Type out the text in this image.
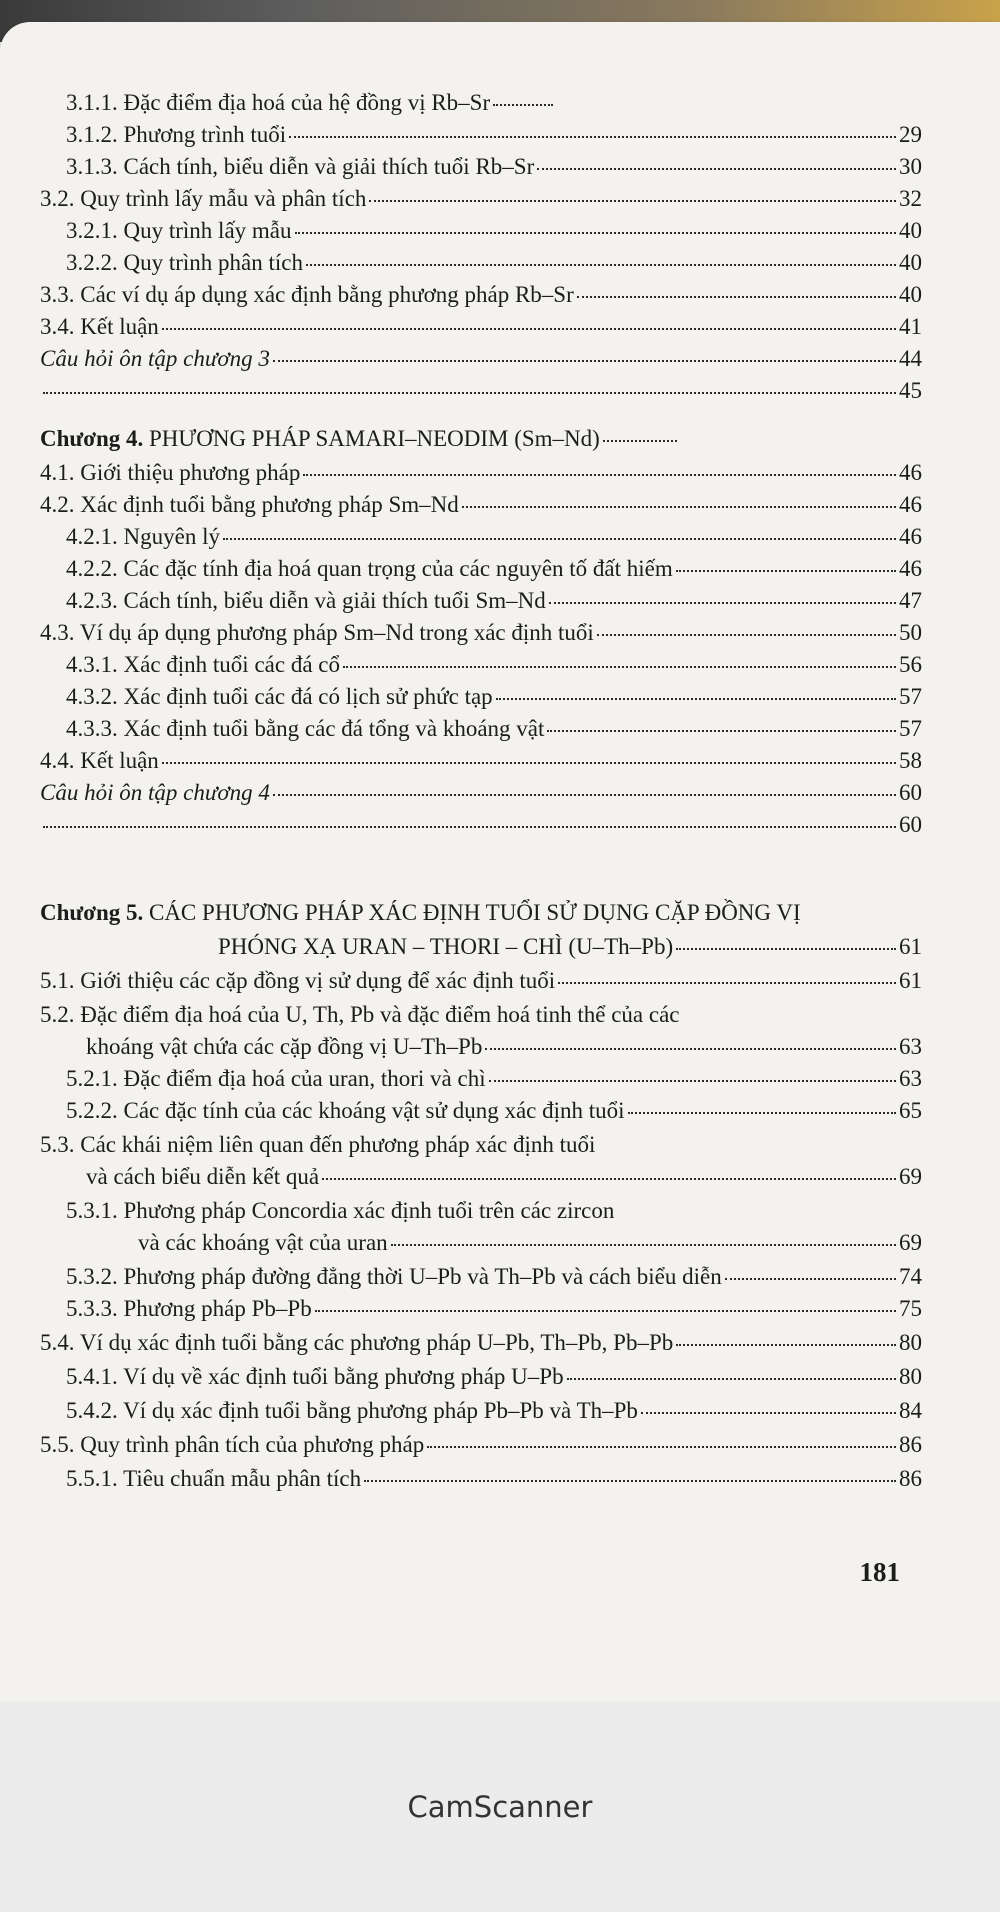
3.1.1. Đặc điểm địa hoá của hệ đồng vị Rb–Sr
3.1.2. Phương trình tuổi	29
3.1.3. Cách tính, biểu diễn và giải thích tuổi Rb–Sr	30
3.2. Quy trình lấy mẫu và phân tích	32
3.2.1. Quy trình lấy mẫu	40
3.2.2. Quy trình phân tích	40
3.3. Các ví dụ áp dụng xác định bằng phương pháp Rb–Sr	40
3.4. Kết luận	41
Câu hỏi ôn tập chương 3	44
45
Chương 4. PHƯƠNG PHÁP SAMARI–NEODIM (Sm–Nd)
4.1. Giới thiệu phương pháp	46
4.2. Xác định tuổi bằng phương pháp Sm–Nd	46
4.2.1. Nguyên lý	46
4.2.2. Các đặc tính địa hoá quan trọng của các nguyên tố đất hiếm	46
4.2.3. Cách tính, biểu diễn và giải thích tuổi Sm–Nd	47
4.3. Ví dụ áp dụng phương pháp Sm–Nd trong xác định tuổi	50
4.3.1. Xác định tuổi các đá cổ	56
4.3.2. Xác định tuổi các đá có lịch sử phức tạp	57
4.3.3. Xác định tuổi bằng các đá tổng và khoáng vật	57
4.4. Kết luận	58
Câu hỏi ôn tập chương 4	60
60
Chương 5. CÁC PHƯƠNG PHÁP XÁC ĐỊNH TUỔI SỬ DỤNG CẶP ĐỒNG VỊ
PHÓNG XẠ URAN – THORI – CHÌ (U–Th–Pb)	61
5.1. Giới thiệu các cặp đồng vị sử dụng để xác định tuổi	61
5.2. Đặc điểm địa hoá của U, Th, Pb và đặc điểm hoá tinh thể của các
khoáng vật chứa các cặp đồng vị U–Th–Pb	63
5.2.1. Đặc điểm địa hoá của uran, thori và chì	63
5.2.2. Các đặc tính của các khoáng vật sử dụng xác định tuổi	65
5.3. Các khái niệm liên quan đến phương pháp xác định tuổi
và cách biểu diễn kết quả	69
5.3.1. Phương pháp Concordia xác định tuổi trên các zircon
và các khoáng vật của uran	69
5.3.2. Phương pháp đường đẳng thời U–Pb và Th–Pb và cách biểu diễn	74
5.3.3. Phương pháp Pb–Pb	75
5.4. Ví dụ xác định tuổi bằng các phương pháp U–Pb, Th–Pb, Pb–Pb	80
5.4.1. Ví dụ về xác định tuổi bằng phương pháp U–Pb	80
5.4.2. Ví dụ xác định tuổi bằng phương pháp Pb–Pb và Th–Pb	84
5.5. Quy trình phân tích của phương pháp	86
5.5.1. Tiêu chuẩn mẫu phân tích	86
181
CamScanner
